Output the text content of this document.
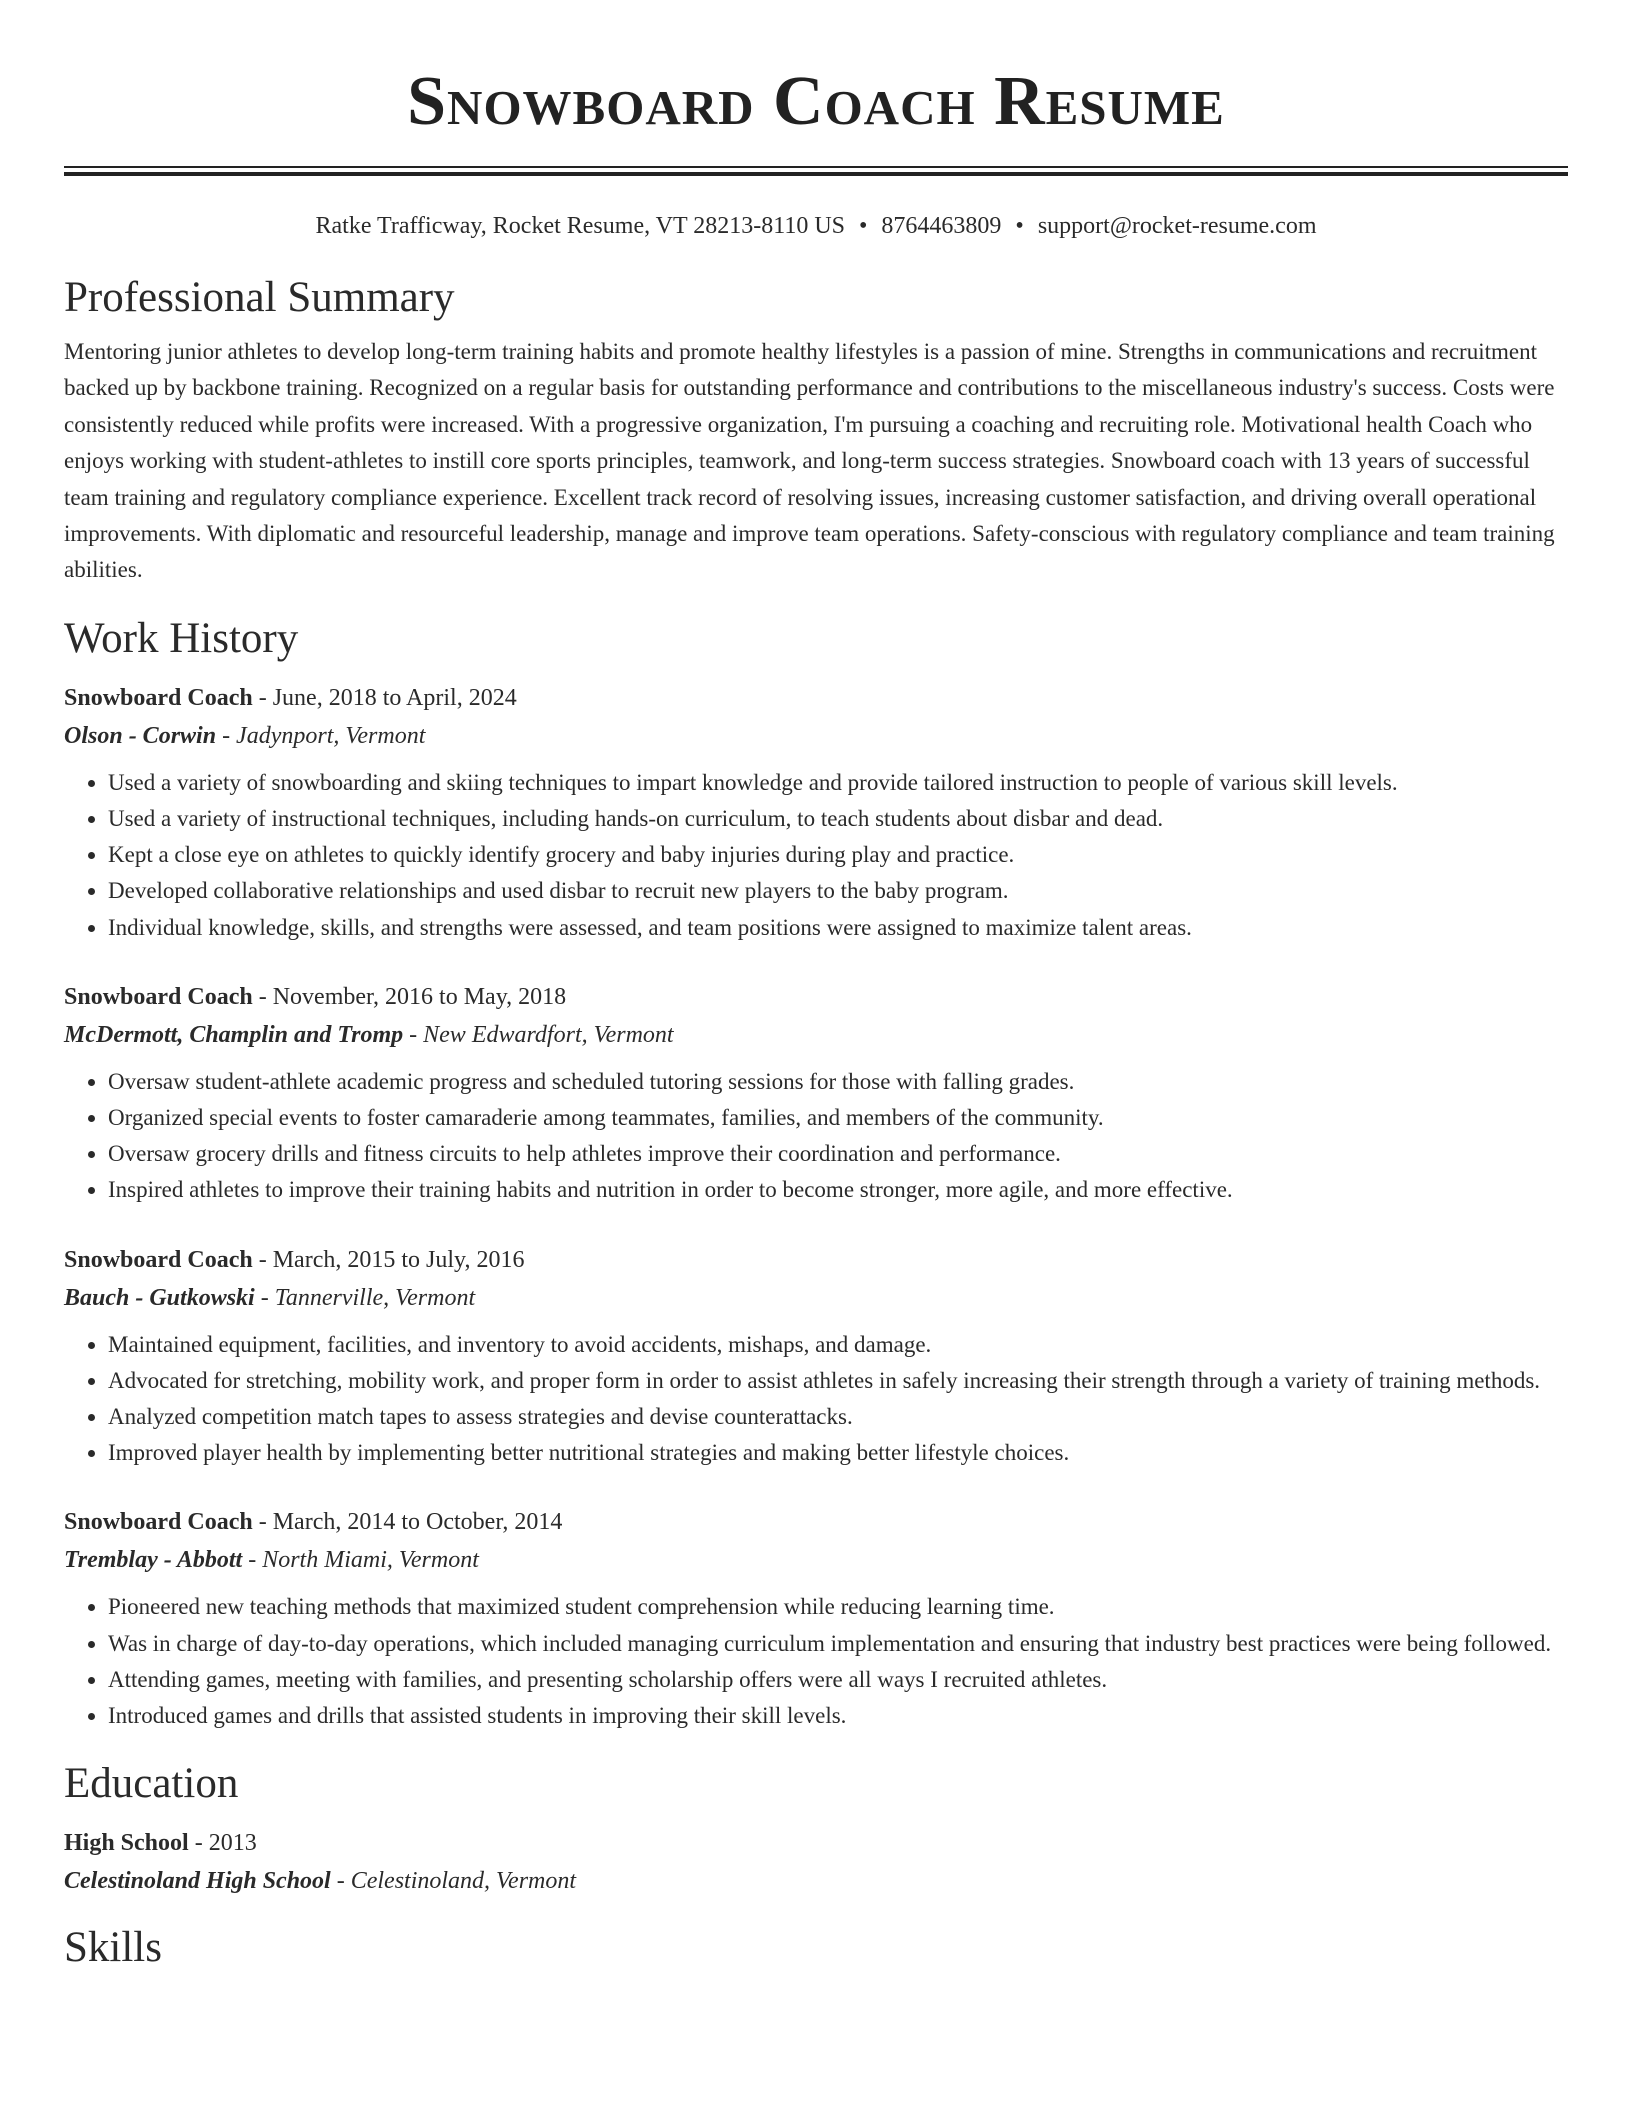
Snowboard Coach Resume
Ratke Trafficway, Rocket Resume, VT 28213-8110 US • 8764463809 • support@rocket-resume.com
Professional Summary

Mentoring junior athletes to develop long-term training habits and promote healthy lifestyles is a passion of mine. Strengths in communications and recruitment backed up by backbone training. Recognized on a regular basis for outstanding performance and contributions to the miscellaneous industry's success. Costs were consistently reduced while profits were increased. With a progressive organization, I'm pursuing a coaching and recruiting role. Motivational health Coach who enjoys working with student-athletes to instill core sports principles, teamwork, and long-term success strategies. Snowboard coach with 13 years of successful team training and regulatory compliance experience. Excellent track record of resolving issues, increasing customer satisfaction, and driving overall operational improvements. With diplomatic and resourceful leadership, manage and improve team operations. Safety-conscious with regulatory compliance and team training abilities.

Work History
Snowboard Coach - June, 2018 to April, 2024
Olson - Corwin - Jadynport, Vermont
• Used a variety of snowboarding and skiing techniques to impart knowledge and provide tailored instruction to people of various skill levels.
• Used a variety of instructional techniques, including hands-on curriculum, to teach students about disbar and dead.
• Kept a close eye on athletes to quickly identify grocery and baby injuries during play and practice.
• Developed collaborative relationships and used disbar to recruit new players to the baby program.
• Individual knowledge, skills, and strengths were assessed, and team positions were assigned to maximize talent areas.
Snowboard Coach - November, 2016 to May, 2018
McDermott, Champlin and Tromp - New Edwardfort, Vermont
• Oversaw student-athlete academic progress and scheduled tutoring sessions for those with falling grades.
• Organized special events to foster camaraderie among teammates, families, and members of the community.
• Oversaw grocery drills and fitness circuits to help athletes improve their coordination and performance.
• Inspired athletes to improve their training habits and nutrition in order to become stronger, more agile, and more effective.
Snowboard Coach - March, 2015 to July, 2016
Bauch - Gutkowski - Tannerville, Vermont
• Maintained equipment, facilities, and inventory to avoid accidents, mishaps, and damage.
• Advocated for stretching, mobility work, and proper form in order to assist athletes in safely increasing their strength through a variety of training methods.
• Analyzed competition match tapes to assess strategies and devise counterattacks.
• Improved player health by implementing better nutritional strategies and making better lifestyle choices.
Snowboard Coach - March, 2014 to October, 2014
Tremblay - Abbott - North Miami, Vermont
• Pioneered new teaching methods that maximized student comprehension while reducing learning time.
• Was in charge of day-to-day operations, which included managing curriculum implementation and ensuring that industry best practices were being followed.
• Attending games, meeting with families, and presenting scholarship offers were all ways I recruited athletes.
• Introduced games and drills that assisted students in improving their skill levels.
Education
High School - 2013
Celestinoland High School - Celestinoland, Vermont
Skills
